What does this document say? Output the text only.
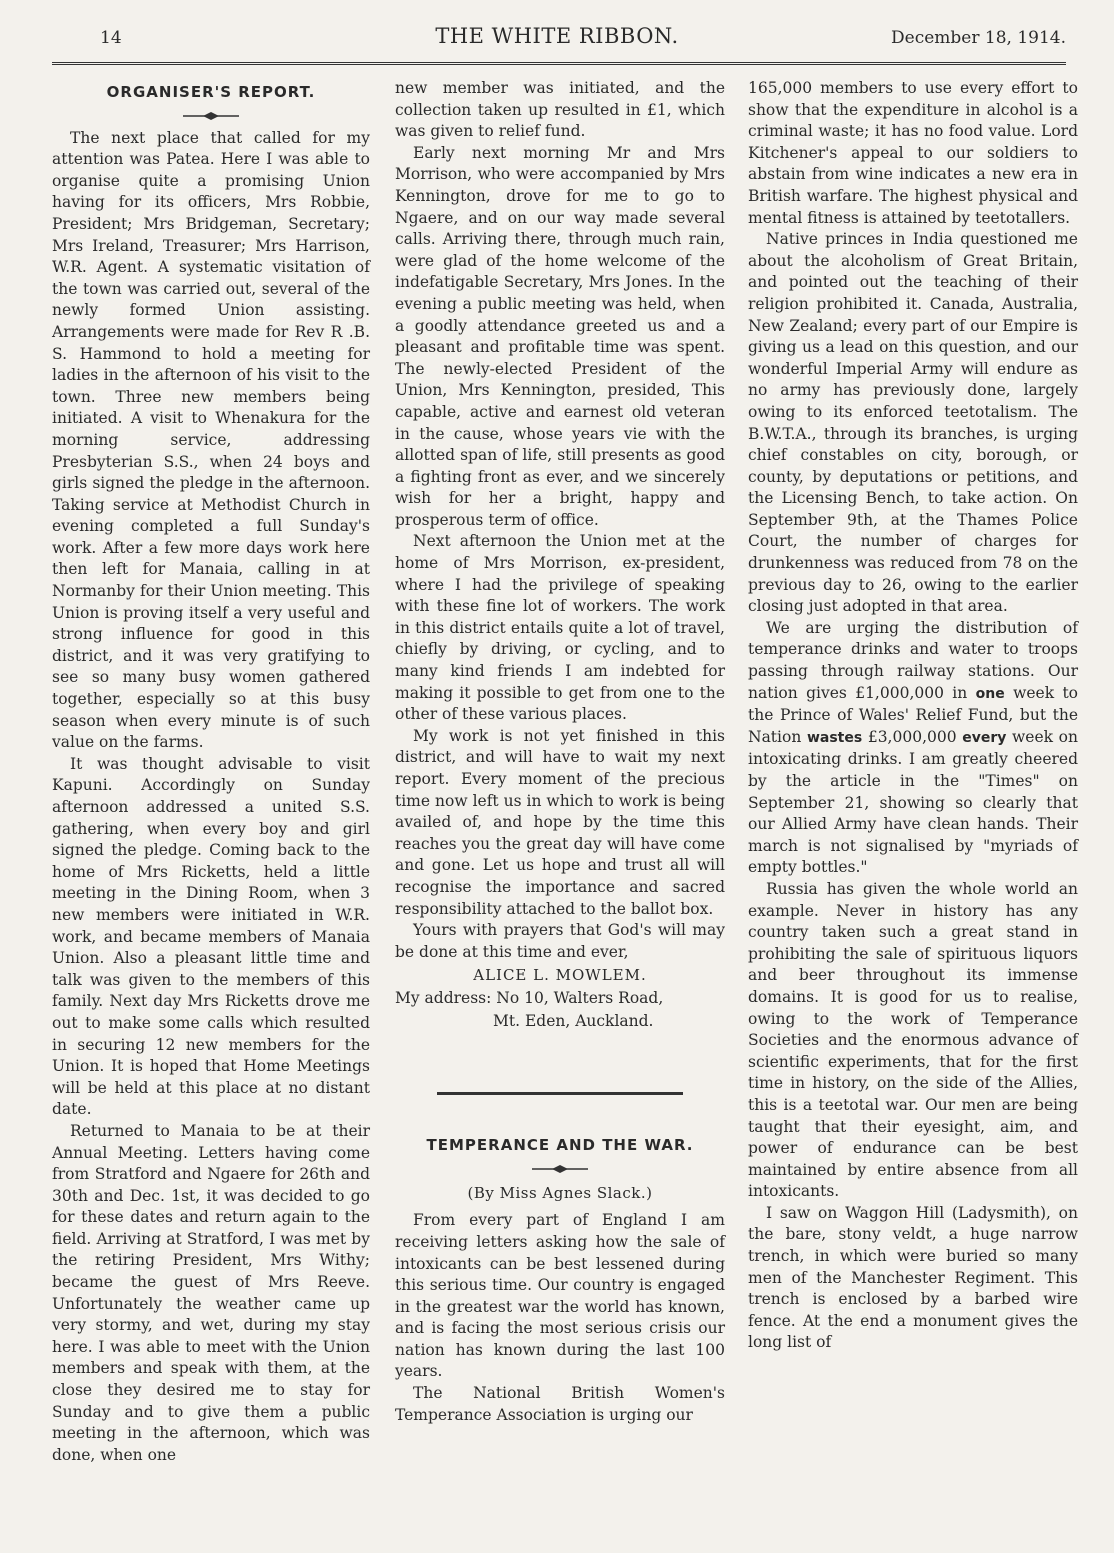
14	THE WHITE RIBBON.	December 18, 1914.
ORGANISER'S REPORT.

The next place that called for my attention was Patea. Here I was able to organise quite a promising Union having for its officers, Mrs Robbie, President; Mrs Bridgeman, Secretary; Mrs Ireland, Treasurer; Mrs Harrison, W.R. Agent. A systematic visitation of the town was carried out, several of the newly formed Union assisting. Arrangements were made for Rev R .B. S. Hammond to hold a meeting for ladies in the afternoon of his visit to the town. Three new members being initiated. A visit to Whenakura for the morning service, addressing Presbyterian S.S., when 24 boys and girls signed the pledge in the afternoon. Taking service at Methodist Church in evening completed a full Sunday's work. After a few more days work here then left for Manaia, calling in at Normanby for their Union meeting. This Union is proving itself a very useful and strong influence for good in this district, and it was very gratifying to see so many busy women gathered together, especially so at this busy season when every minute is of such value on the farms.

It was thought advisable to visit Kapuni. Accordingly on Sunday afternoon addressed a united S.S. gathering, when every boy and girl signed the pledge. Coming back to the home of Mrs Ricketts, held a little meeting in the Dining Room, when 3 new members were initiated in W.R. work, and became members of Manaia Union. Also a pleasant little time and talk was given to the members of this family. Next day Mrs Ricketts drove me out to make some calls which resulted in securing 12 new members for the Union. It is hoped that Home Meetings will be held at this place at no distant date.

Returned to Manaia to be at their Annual Meeting. Letters having come from Stratford and Ngaere for 26th and 30th and Dec. 1st, it was decided to go for these dates and return again to the field. Arriving at Stratford, I was met by the retiring President, Mrs Withy; became the guest of Mrs Reeve. Unfortunately the weather came up very stormy, and wet, during my stay here. I was able to meet with the Union members and speak with them, at the close they desired me to stay for Sunday and to give them a public meeting in the afternoon, which was done, when one

new member was initiated, and the collection taken up resulted in £1, which was given to relief fund.

Early next morning Mr and Mrs Morrison, who were accompanied by Mrs Kennington, drove for me to go to Ngaere, and on our way made several calls. Arriving there, through much rain, were glad of the home welcome of the indefatigable Secretary, Mrs Jones. In the evening a public meeting was held, when a goodly attendance greeted us and a pleasant and profitable time was spent. The newly-elected President of the Union, Mrs Kennington, presided, This capable, active and earnest old veteran in the cause, whose years vie with the allotted span of life, still presents as good a fighting front as ever, and we sincerely wish for her a bright, happy and prosperous term of office.

Next afternoon the Union met at the home of Mrs Morrison, ex-president, where I had the privilege of speaking with these fine lot of workers. The work in this district entails quite a lot of travel, chiefly by driving, or cycling, and to many kind friends I am indebted for making it possible to get from one to the other of these various places.

My work is not yet finished in this district, and will have to wait my next report. Every moment of the precious time now left us in which to work is being availed of, and hope by the time this reaches you the great day will have come and gone. Let us hope and trust all will recognise the importance and sacred responsibility attached to the ballot box.

Yours with prayers that God's will may be done at this time and ever,

ALICE L. MOWLEM.
My address: No 10, Walters Road,
Mt. Eden, Auckland.
TEMPERANCE AND THE WAR.
(By Miss Agnes Slack.)

From every part of England I am receiving letters asking how the sale of intoxicants can be best lessened during this serious time. Our country is engaged in the greatest war the world has known, and is facing the most serious crisis our nation has known during the last 100 years.

The National British Women's Temperance Association is urging our

165,000 members to use every effort to show that the expenditure in alcohol is a criminal waste; it has no food value. Lord Kitchener's appeal to our soldiers to abstain from wine indicates a new era in British warfare. The highest physical and mental fitness is attained by teetotallers.

Native princes in India questioned me about the alcoholism of Great Britain, and pointed out the teaching of their religion prohibited it. Canada, Australia, New Zealand; every part of our Empire is giving us a lead on this question, and our wonderful Imperial Army will endure as no army has previously done, largely owing to its enforced teetotalism. The B.W.T.A., through its branches, is urging chief constables on city, borough, or county, by deputations or petitions, and the Licensing Bench, to take action. On September 9th, at the Thames Police Court, the number of charges for drunkenness was reduced from 78 on the previous day to 26, owing to the earlier closing just adopted in that area.

We are urging the distribution of temperance drinks and water to troops passing through railway stations. Our nation gives £1,000,000 in one week to the Prince of Wales' Relief Fund, but the Nation wastes £3,000,000 every week on intoxicating drinks. I am greatly cheered by the article in the "Times" on September 21, showing so clearly that our Allied Army have clean hands. Their march is not signalised by "myriads of empty bottles."

Russia has given the whole world an example. Never in history has any country taken such a great stand in prohibiting the sale of spirituous liquors and beer throughout its immense domains. It is good for us to realise, owing to the work of Temperance Societies and the enormous advance of scientific experiments, that for the first time in history, on the side of the Allies, this is a teetotal war. Our men are being taught that their eyesight, aim, and power of endurance can be best maintained by entire absence from all intoxicants.

I saw on Waggon Hill (Ladysmith), on the bare, stony veldt, a huge narrow trench, in which were buried so many men of the Manchester Regiment. This trench is enclosed by a barbed wire fence. At the end a monument gives the long list of
